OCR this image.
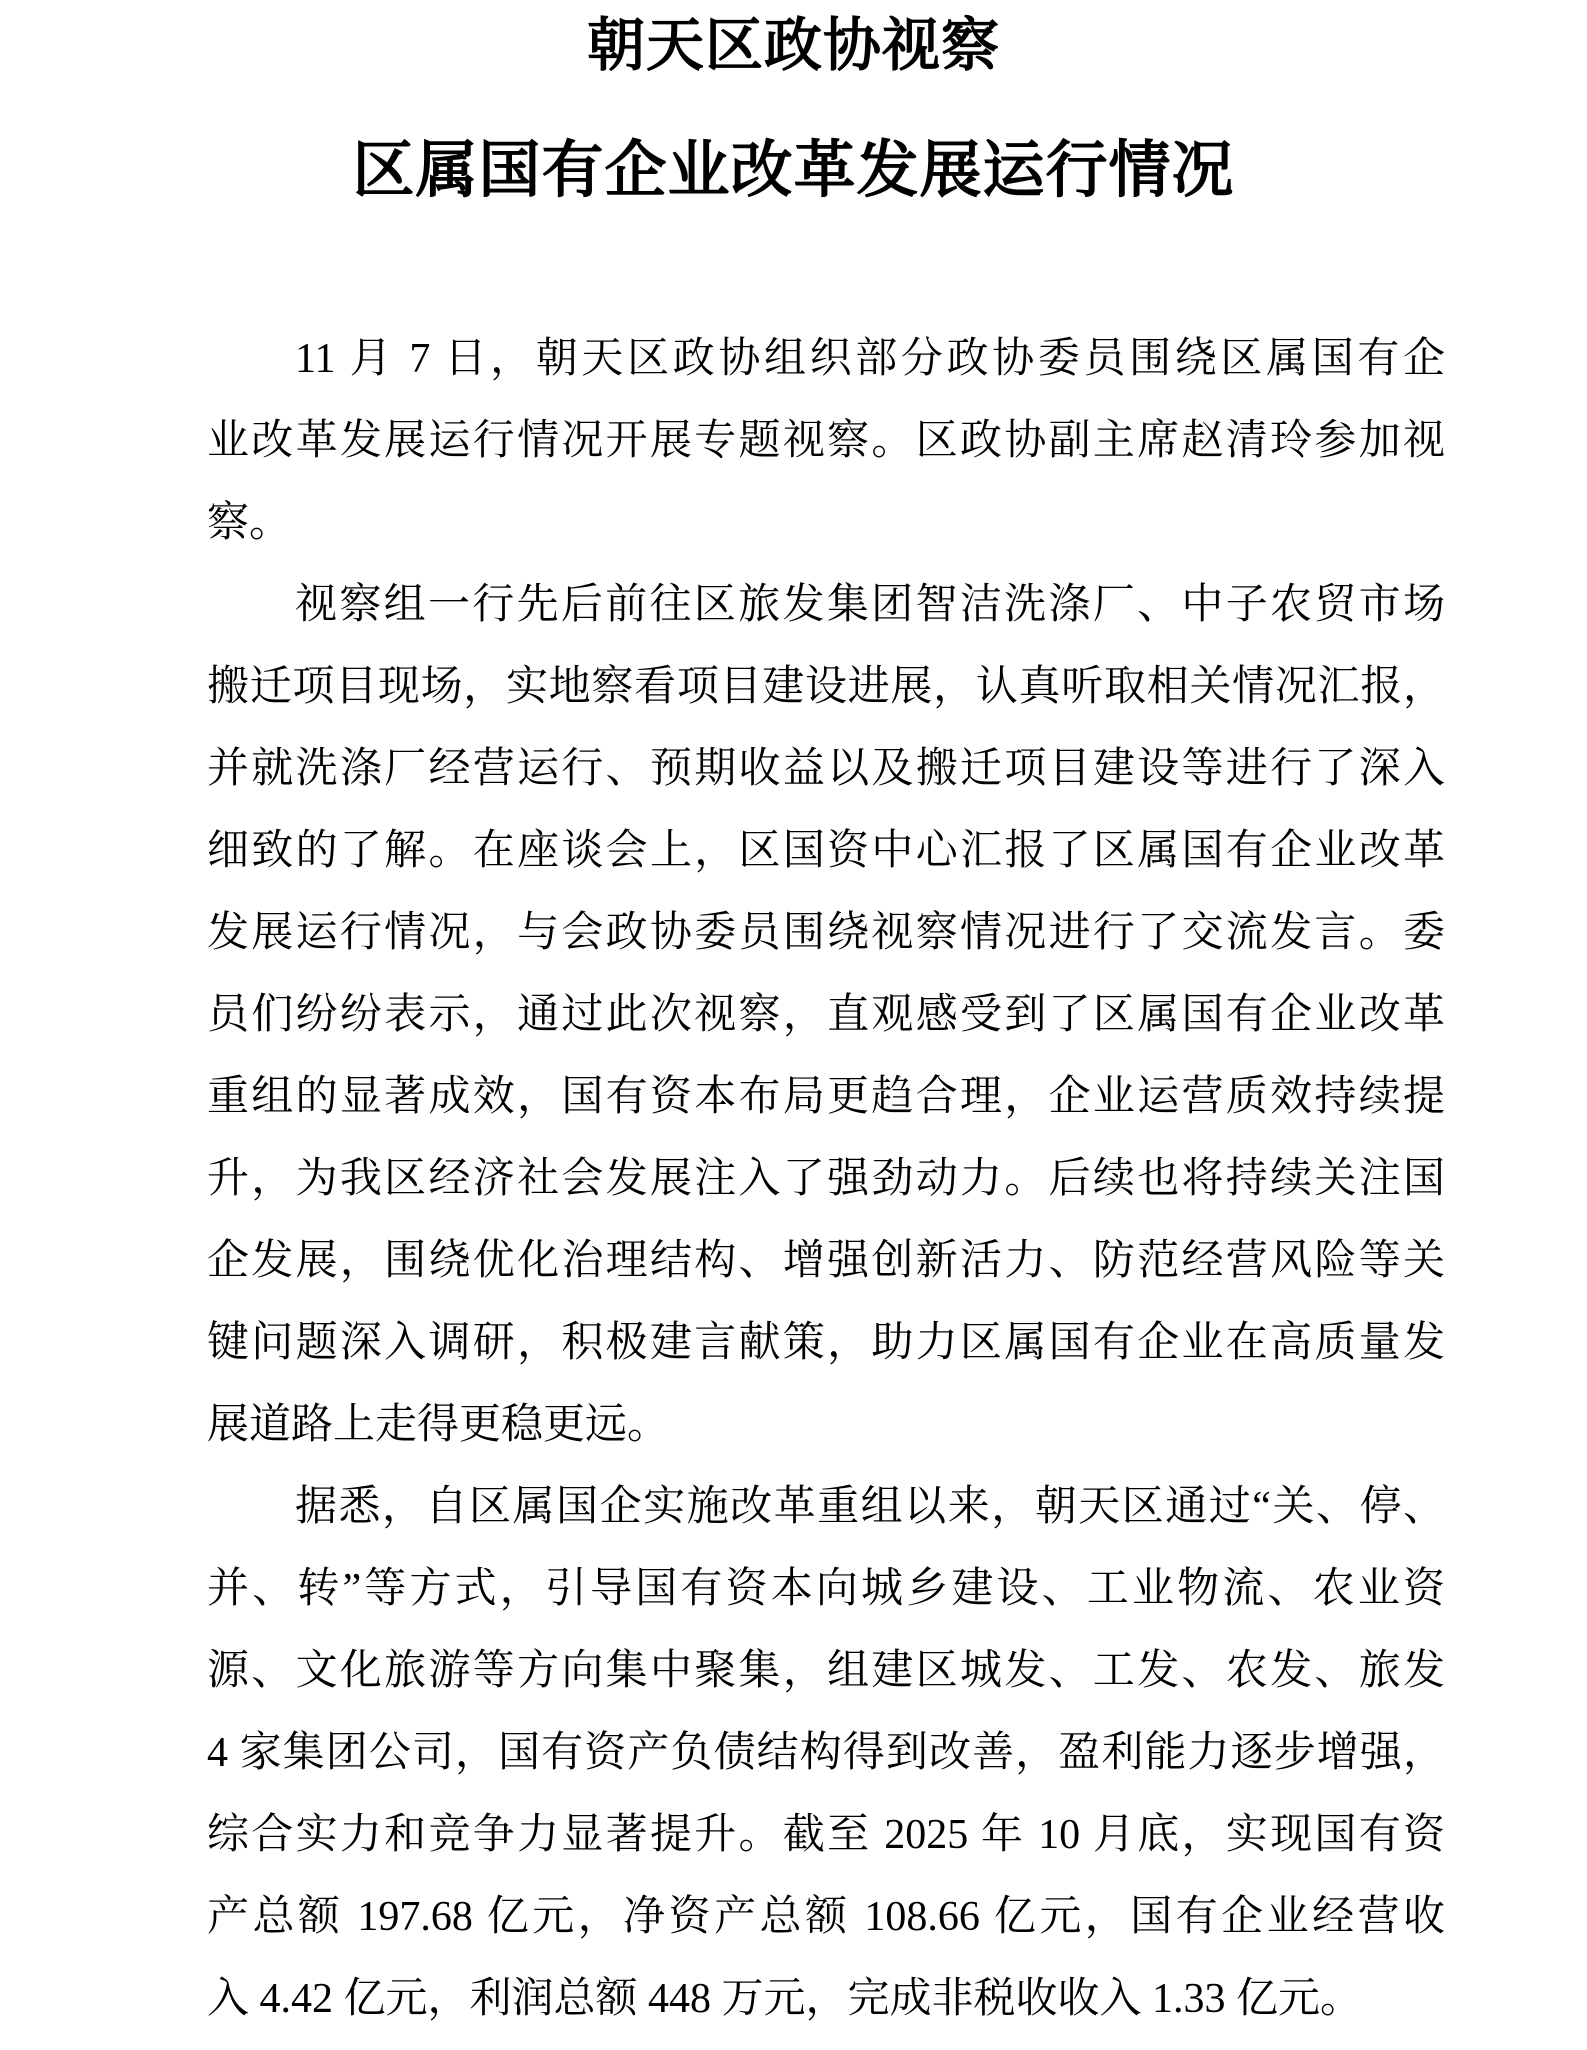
朝天区政协视察
区属国有企业改革发展运行情况
11 月 7 日，朝天区政协组织部分政协委员围绕区属国有企
业改革发展运行情况开展专题视察。区政协副主席赵清玲参加视
察。
视察组一行先后前往区旅发集团智洁洗涤厂、中子农贸市场
搬迁项目现场，实地察看项目建设进展，认真听取相关情况汇报，
并就洗涤厂经营运行、预期收益以及搬迁项目建设等进行了深入
细致的了解。在座谈会上，区国资中心汇报了区属国有企业改革
发展运行情况，与会政协委员围绕视察情况进行了交流发言。委
员们纷纷表示，通过此次视察，直观感受到了区属国有企业改革
重组的显著成效，国有资本布局更趋合理，企业运营质效持续提
升，为我区经济社会发展注入了强劲动力。后续也将持续关注国
企发展，围绕优化治理结构、增强创新活力、防范经营风险等关
键问题深入调研，积极建言献策，助力区属国有企业在高质量发
展道路上走得更稳更远。
据悉，自区属国企实施改革重组以来，朝天区通过“关、停、
并、转”等方式，引导国有资本向城乡建设、工业物流、农业资
源、文化旅游等方向集中聚集，组建区城发、工发、农发、旅发
4 家集团公司，国有资产负债结构得到改善，盈利能力逐步增强，
综合实力和竞争力显著提升。截至 2025 年 10 月底，实现国有资
产总额 197.68 亿元，净资产总额 108.66 亿元，国有企业经营收
入 4.42 亿元，利润总额 448 万元，完成非税收收入 1.33 亿元。
